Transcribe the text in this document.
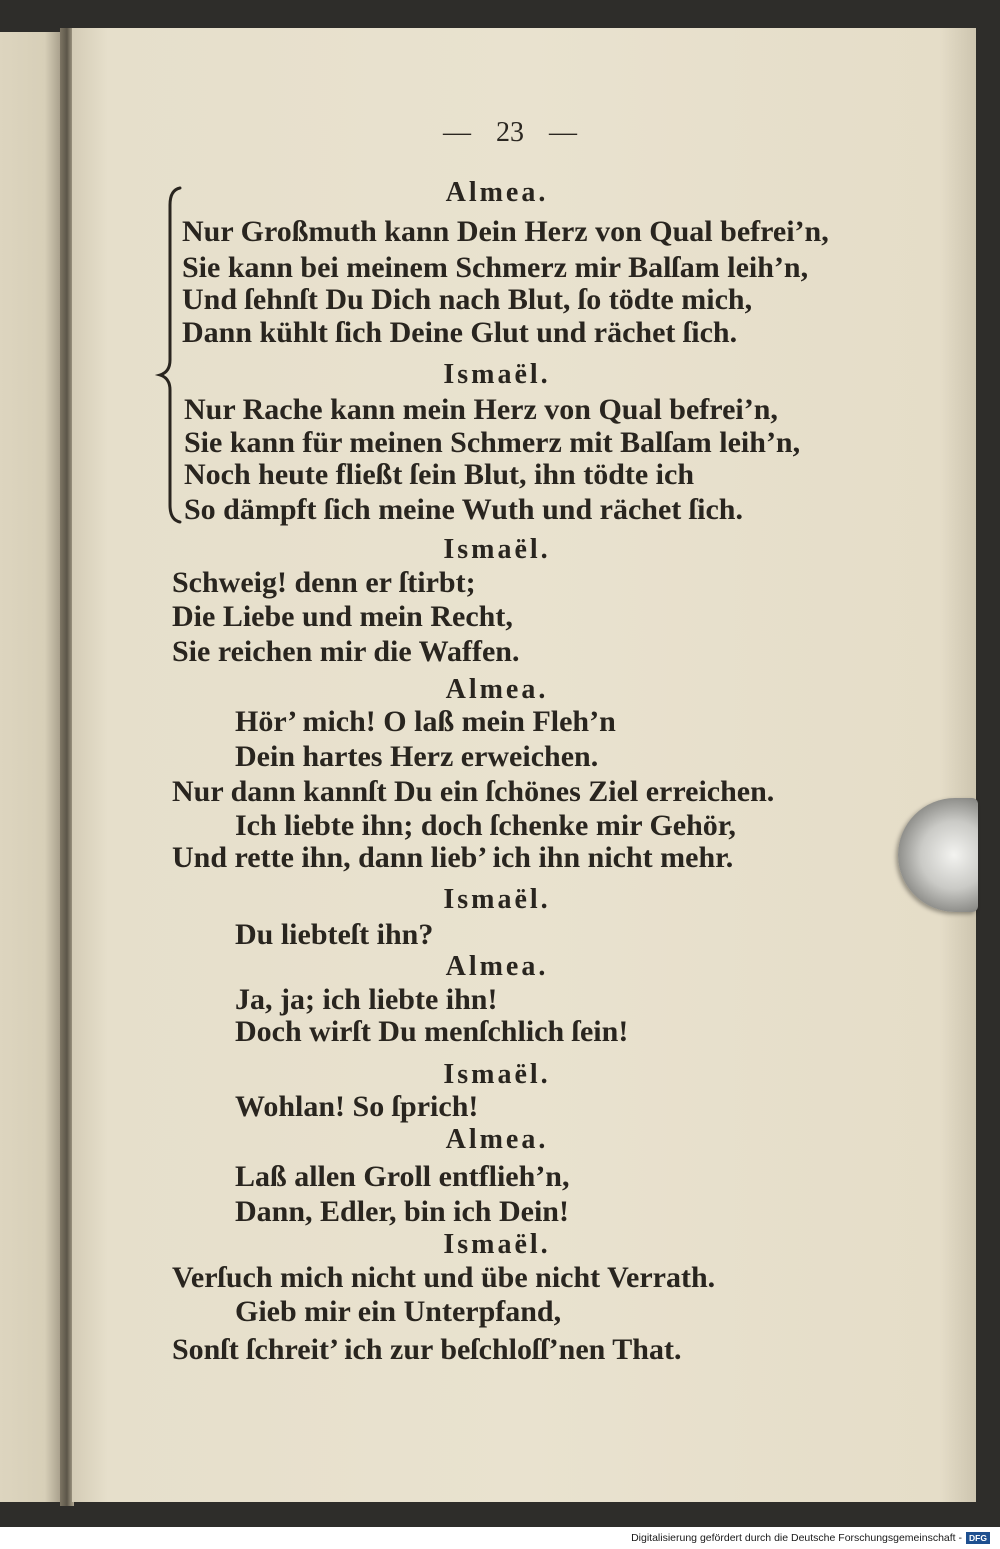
— 23 —
Almea.
Nur Großmuth kann Dein Herz von Qual befrei’n,
Sie kann bei meinem Schmerz mir Balſam leih’n,
Und ſehnſt Du Dich nach Blut, ſo tödte mich,
Dann kühlt ſich Deine Glut und rächet ſich.
Ismaël.
Nur Rache kann mein Herz von Qual befrei’n,
Sie kann für meinen Schmerz mit Balſam leih’n,
Noch heute fließt ſein Blut, ihn tödte ich
So dämpft ſich meine Wuth und rächet ſich.
Ismaël.
Schweig! denn er ſtirbt;
Die Liebe und mein Recht,
Sie reichen mir die Waffen.
Almea.
Hör’ mich! O laß mein Fleh’n
Dein hartes Herz erweichen.
Nur dann kannſt Du ein ſchönes Ziel erreichen.
Ich liebte ihn; doch ſchenke mir Gehör,
Und rette ihn, dann lieb’ ich ihn nicht mehr.
Ismaël.
Du liebteſt ihn?
Almea.
Ja, ja; ich liebte ihn!
Doch wirſt Du menſchlich ſein!
Ismaël.
Wohlan! So ſprich!
Almea.
Laß allen Groll entflieh’n,
Dann, Edler, bin ich Dein!
Ismaël.
Verſuch mich nicht und übe nicht Verrath.
Gieb mir ein Unterpfand,
Sonſt ſchreit’ ich zur beſchloſſ’nen That.
Digitalisierung gefördert durch die Deutsche Forschungsgemeinschaft - DFG
